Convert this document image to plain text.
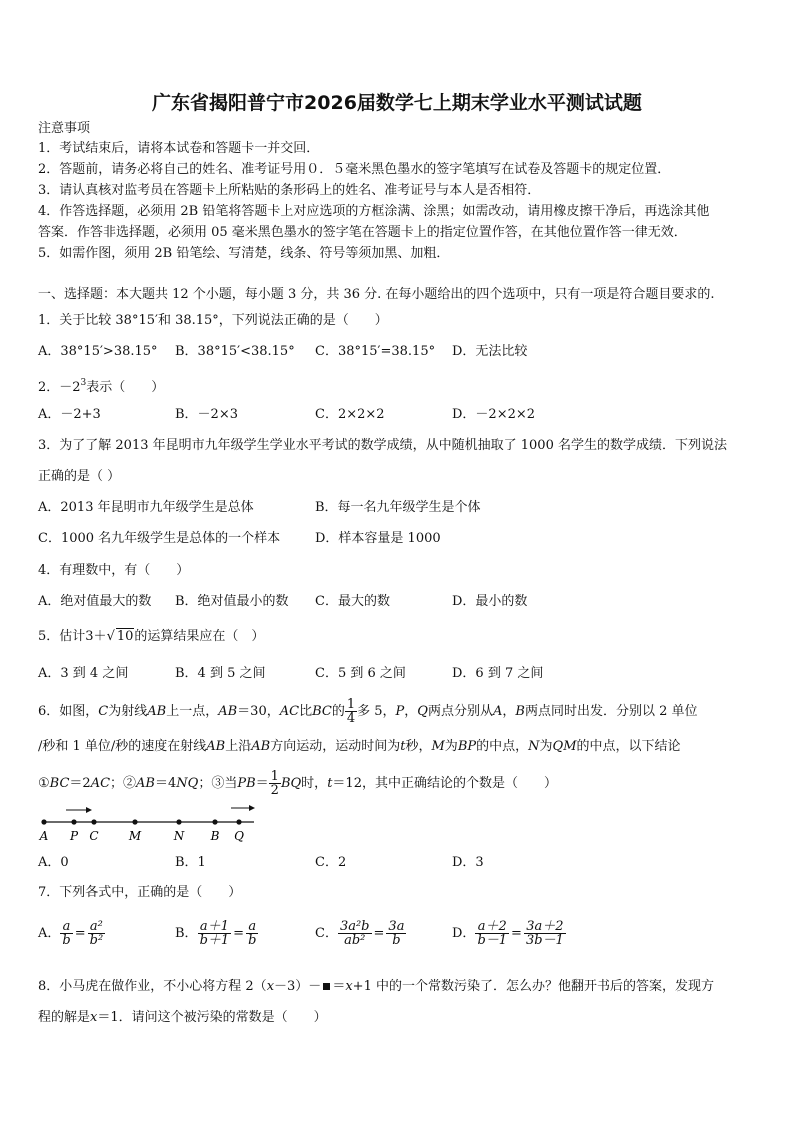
广东省揭阳普宁市2026届数学七上期末学业水平测试试题
注意事项
1．考试结束后，请将本试卷和答题卡一并交回．
2．答题前，请务必将自己的姓名、准考证号用０．５毫米黑色墨水的签字笔填写在试卷及答题卡的规定位置．
3．请认真核对监考员在答题卡上所粘贴的条形码上的姓名、准考证号与本人是否相符．
4．作答选择题，必须用 2B 铅笔将答题卡上对应选项的方框涂满、涂黑；如需改动，请用橡皮擦干净后，再选涂其他
答案．作答非选择题，必须用 05 毫米黑色墨水的签字笔在答题卡上的指定位置作答，在其他位置作答一律无效．
5．如需作图，须用 2B 铅笔绘、写清楚，线条、符号等须加黑、加粗．
一、选择题：本大题共 12 个小题，每小题 3 分，共 36 分. 在每小题给出的四个选项中，只有一项是符合题目要求的.
1．关于比较 38°15′和 38.15°，下列说法正确的是（　　）
A．38°15′>38.15° B．38°15′<38.15° C．38°15′=38.15° D．无法比较
2．$-2^3$表示（　　）
A．－2+3	B．－2×3	C．2×2×2	D．－2×2×2
3．为了了解 2013 年昆明市九年级学生学业水平考试的数学成绩，从中随机抽取了 1000 名学生的数学成绩．下列说法
正确的是（ ）
A．2013 年昆明市九年级学生是总体	B．每一名九年级学生是个体
C．1000 名九年级学生是总体的一个样本	D．样本容量是 1000
4．有理数中，有（　　）
A．绝对值最大的数 B．绝对值最小的数 C．最大的数	D．最小的数
5．估计3＋√ 10的运算结果应在（　）
A．3 到 4 之间	B．4 到 5 之间	C．5 到 6 之间	D．6 到 7 之间
6．如图，C为射线AB上一点，AB＝30，AC比BC的 $\frac{1}{4}$ 多 5，P，Q两点分别从A，B两点同时出发．分别以 2 单位
/秒和 1 单位/秒的速度在射线AB上沿AB方向运动，运动时间为t秒，M为BP的中点，N为QM的中点，以下结论
①BC＝2AC；②AB＝4NQ；③当$PB= \frac{1}{2}$ BQ时，t＝12，其中正确结论的个数是（　　）
A P C	M	N B Q
A．0	B．1	C．2	D．3
7．下列各式中，正确的是（　　）
A． $\frac{a}{b} = \frac{\text{a²}}{\text{b²}}$	B． $\frac{a+1}{b+1} = \frac{a}{b}$	C． $\frac{\text{3a²b}}{\text{ab²}} = \frac{3a}{b}$	D． $\frac{a+2}{b-1} = \frac{3a+2}{3b-1}$
8．小马虎在做作业，不小心将方程 2（x－3）－ ＝x+1 中的一个常数污染了．怎么办？他翻开书后的答案，发现方
程的解是x＝1．请问这个被污染的常数是（　　）
